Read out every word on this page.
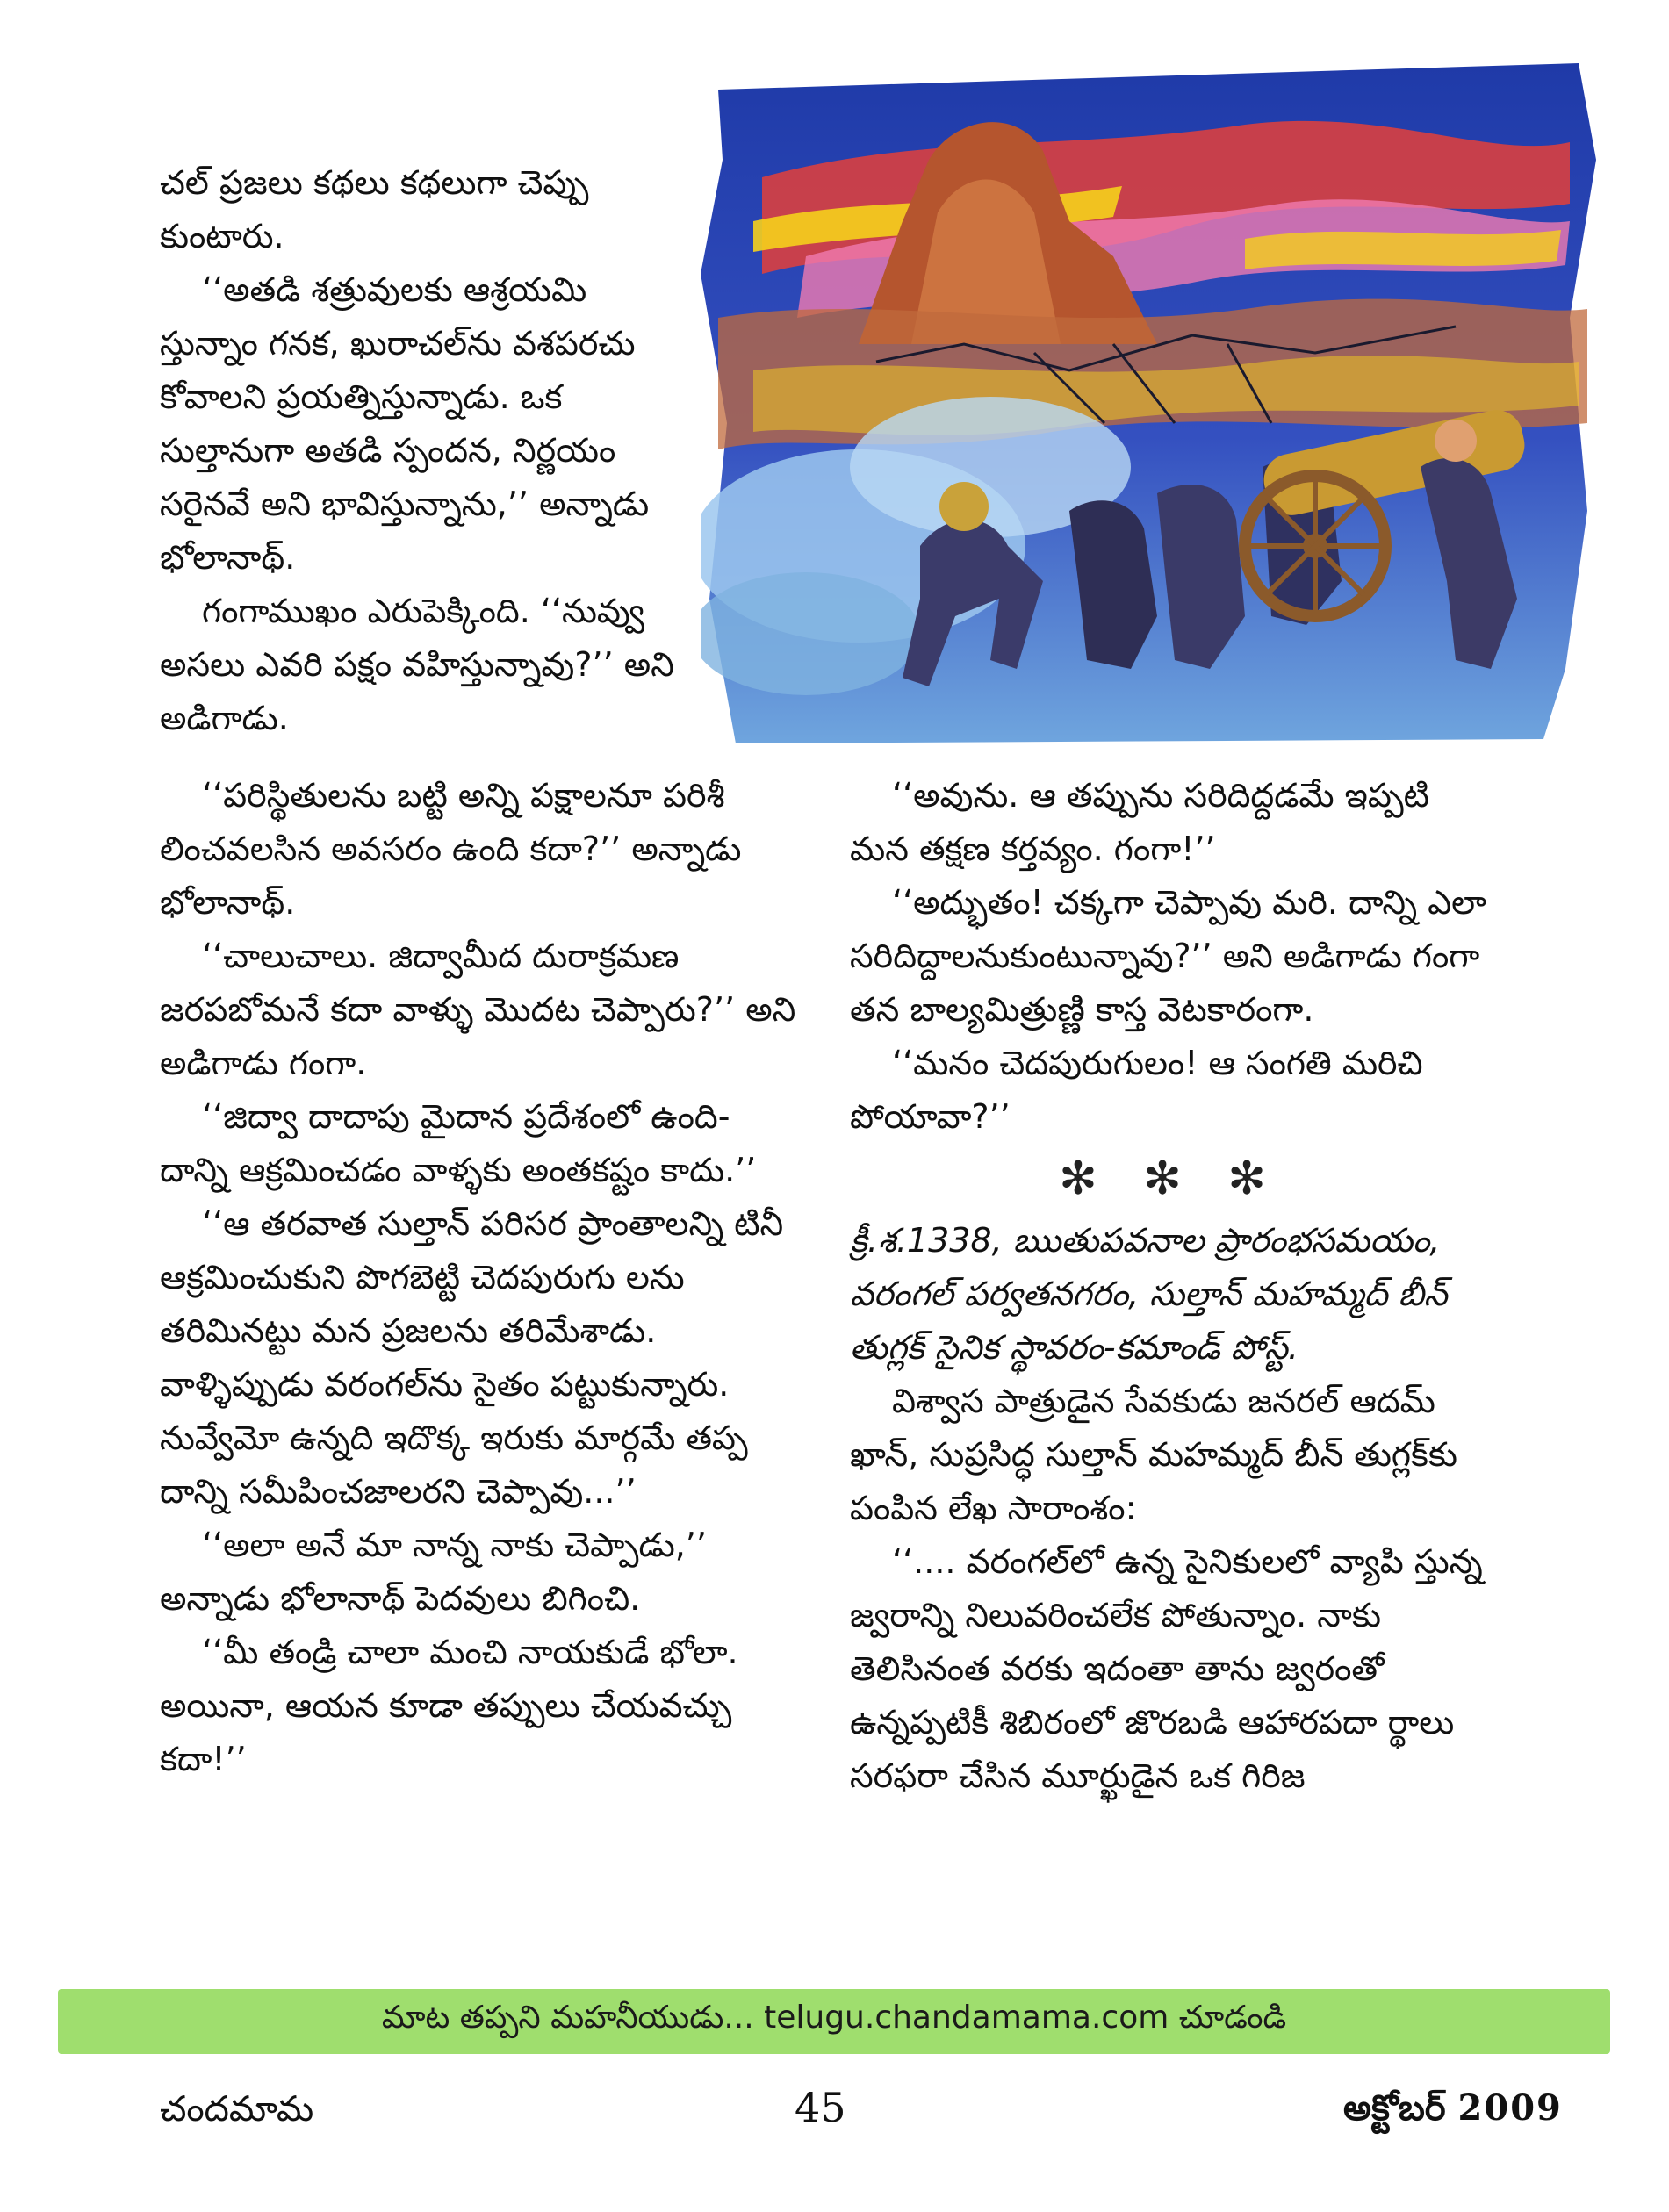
చల్ ప్రజలు కథలు కథలుగా చెప్పు కుంటారు.

‘‘అతడి శత్రువులకు ఆశ్రయమి స్తున్నాం గనక, ఖురాచల్‌ను వశపరచు కోవాలని ప్రయత్నిస్తున్నాడు. ఒక సుల్తానుగా అతడి స్పందన, నిర్ణయం సరైనవే అని భావిస్తున్నాను,’’ అన్నాడు భోలానాథ్.

గంగాముఖం ఎరుపెక్కింది. ‘‘నువ్వు అసలు ఎవరి పక్షం వహిస్తున్నావు?’’ అని అడిగాడు.

‘‘పరిస్థితులను బట్టి అన్ని పక్షాలనూ పరిశీ లించవలసిన అవసరం ఉంది కదా?’’ అన్నాడు భోలానాథ్.

‘‘చాలుచాలు. జిద్వామీద దురాక్రమణ జరపబోమనే కదా వాళ్ళు మొదట చెప్పారు?’’ అని అడిగాడు గంగా.

‘‘జిద్వా దాదాపు మైదాన ప్రదేశంలో ఉంది- దాన్ని ఆక్రమించడం వాళ్ళకు అంతకష్టం కాదు.’’

‘‘ఆ తరవాత సుల్తాన్ పరిసర ప్రాంతాలన్ని టినీ ఆక్రమించుకుని పొగబెట్టి చెదపురుగు లను తరిమినట్టు మన ప్రజలను తరిమేశాడు. వాళ్ళిప్పుడు వరంగల్‌ను సైతం పట్టుకున్నారు. నువ్వేమో ఉన్నది ఇదొక్క ఇరుకు మార్గమే తప్ప దాన్ని సమీపించజాలరని చెప్పావు...’’

‘‘అలా అనే మా నాన్న నాకు చెప్పాడు,’’ అన్నాడు భోలానాథ్ పెదవులు బిగించి.

‘‘మీ తండ్రి చాలా మంచి నాయకుడే భోలా. అయినా, ఆయన కూడా తప్పులు చేయవచ్చు కదా!’’

‘‘అవును. ఆ తప్పును సరిదిద్దడమే ఇప్పటి మన తక్షణ కర్తవ్యం. గంగా!’’

‘‘అద్భుతం! చక్కగా చెప్పావు మరి. దాన్ని ఎలా సరిదిద్దాలనుకుంటున్నావు?’’ అని అడిగాడు గంగా తన బాల్యమిత్రుణ్ణి కాస్త వెటకారంగా.

‘‘మనం చెదపురుగులం! ఆ సంగతి మరిచి పోయావా?’’

✻ ✻ ✻

క్రీ.శ.1338, ఋతుపవనాల ప్రారంభసమయం, వరంగల్ పర్వతనగరం, సుల్తాన్ మహమ్మద్ బీన్ తుగ్లక్ సైనిక స్థావరం-కమాండ్ పోస్ట్.

విశ్వాస పాత్రుడైన సేవకుడు జనరల్ ఆదమ్ ఖాన్, సుప్రసిద్ధ సుల్తాన్ మహమ్మద్ బీన్ తుగ్లక్‌కు పంపిన లేఖ సారాంశం:

‘‘.... వరంగల్‌లో ఉన్న సైనికులలో వ్యాపి స్తున్న జ్వరాన్ని నిలువరించలేక పోతున్నాం. నాకు తెలిసినంత వరకు ఇదంతా తాను జ్వరంతో ఉన్నప్పటికీ శిబిరంలో జొరబడి ఆహారపదా ర్థాలు సరఫరా చేసిన మూర్ఖుడైన ఒక గిరిజ

మాట తప్పని మహనీయుడు... telugu.chandamama.com చూడండి
చందమామ	45	అక్టోబర్ 2009
